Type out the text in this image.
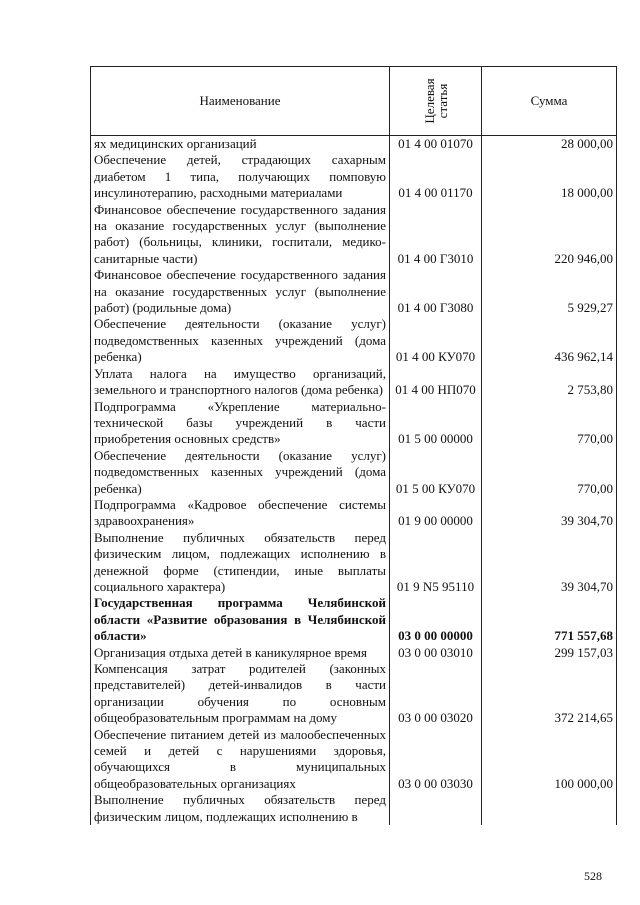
Наименование	Целевая статья	Сумма
ях медицинских организаций	01 4 00 01070	28 000,00
Обеспечение детей, страдающих сахарным диабетом 1 типа, получающих помповую инсулинотерапию, расходными материалами	01 4 00 01170	18 000,00
Финансовое обеспечение государственного задания на оказание государственных услуг (выполнение работ) (больницы, клиники, госпитали, медико-санитарные части)	01 4 00 Г3010	220 946,00
Финансовое обеспечение государственного задания на оказание государственных услуг (выполнение работ) (родильные дома)	01 4 00 Г3080	5 929,27
Обеспечение деятельности (оказание услуг) подведомственных казенных учреждений (дома ребенка)	01 4 00 КУ070	436 962,14
Уплата налога на имущество организаций, земельного и транспортного налогов (дома ребенка)	01 4 00 НП070	2 753,80
Подпрограмма «Укрепление материально-технической базы учреждений в части приобретения основных средств»	01 5 00 00000	770,00
Обеспечение деятельности (оказание услуг) подведомственных казенных учреждений (дома ребенка)	01 5 00 КУ070	770,00
Подпрограмма «Кадровое обеспечение системы здравоохранения»	01 9 00 00000	39 304,70
Выполнение публичных обязательств перед физическим лицом, подлежащих исполнению в денежной форме (стипендии, иные выплаты социального характера)	01 9 N5 95110	39 304,70
Государственная программа Челябинской области «Развитие образования в Челябинской области»	03 0 00 00000	771 557,68
Организация отдыха детей в каникулярное время	03 0 00 03010	299 157,03
Компенсация затрат родителей (законных представителей) детей-инвалидов в части организации обучения по основным общеобразовательным программам на дому	03 0 00 03020	372 214,65
Обеспечение питанием детей из малообеспеченных семей и детей с нарушениями здоровья, обучающихся в муниципальных общеобразовательных организациях	03 0 00 03030	100 000,00
Выполнение публичных обязательств перед физическим лицом, подлежащих исполнению в		
528
